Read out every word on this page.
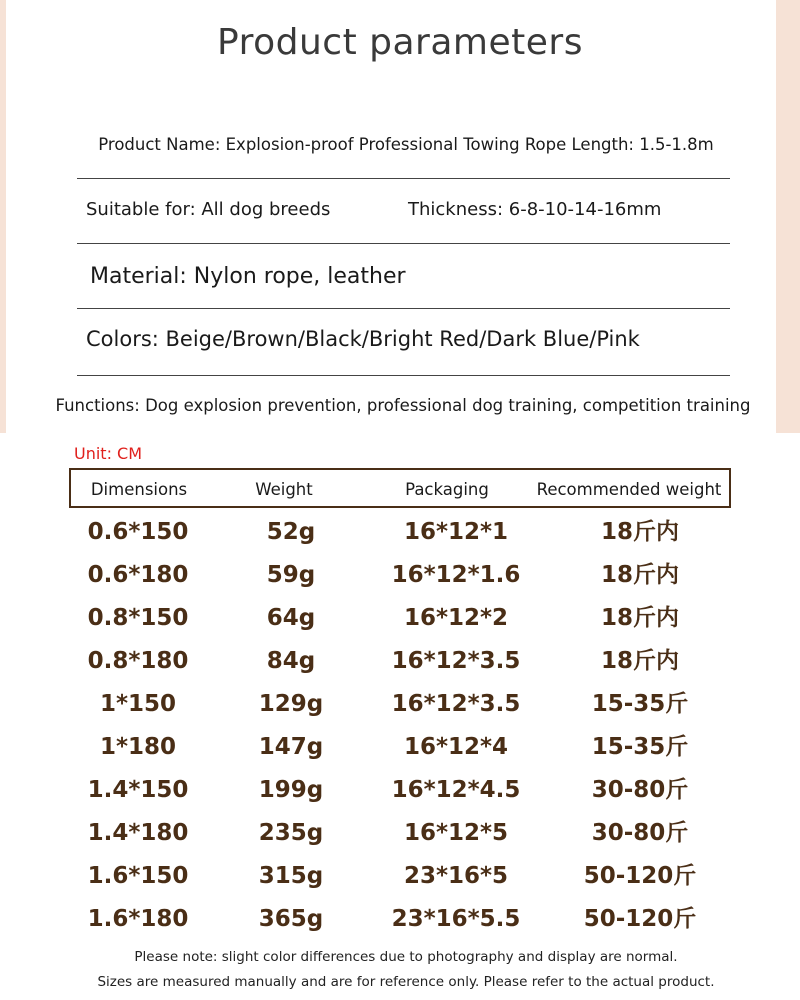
Product parameters
Product Name: Explosion-proof Professional Towing Rope Length: 1.5-1.8m
Suitable for: All dog breeds	Thickness: 6-8-10-14-16mm
Material: Nylon rope, leather
Colors: Beige/Brown/Black/Bright Red/Dark Blue/Pink
Functions: Dog explosion prevention, professional dog training, competition training
Unit: CM
Dimensions	Weight	Packaging	Recommended weight
0.6*150	52g	16*12*1	18斤内
0.6*180	59g	16*12*1.6	18斤内
0.8*150	64g	16*12*2	18斤内
0.8*180	84g	16*12*3.5	18斤内
1*150	129g	16*12*3.5	15-35斤
1*180	147g	16*12*4	15-35斤
1.4*150	199g	16*12*4.5	30-80斤
1.4*180	235g	16*12*5	30-80斤
1.6*150	315g	23*16*5	50-120斤
1.6*180	365g	23*16*5.5	50-120斤
Please note: slight color differences due to photography and display are normal.
Sizes are measured manually and are for reference only. Please refer to the actual product.
